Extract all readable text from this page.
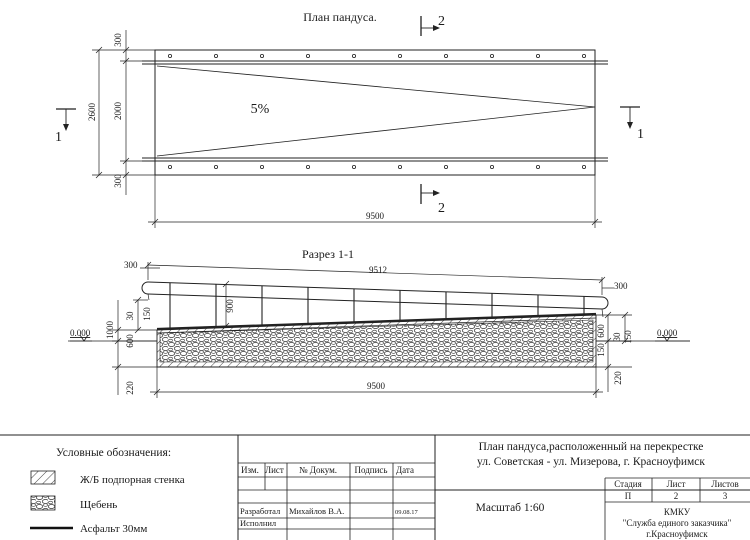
План пандуса.
5%
2600
300
2000
300
9500
1	1
2
2
Разрез 1-1
9512
300
300
150
30
900
1000
600
220
600
150
30 150
220
0.000	0.000
9500
Изм. Лист № Докум. Подпись Дата
Разработал Михайлов В.А.	09.08.17
Исполнил
План пандуса,расположенный на перекрестке
ул. Советская - ул. Мизерова, г. Красноуфимск
Стадия	Лист	Листов
П	2	3
Масштаб 1:60	КМКУ
"Служба единого заказчика"
г.Красноуфимск
Условные обозначения:
Ж/Б подпорная стенка
Щебень
Асфальт 30мм
